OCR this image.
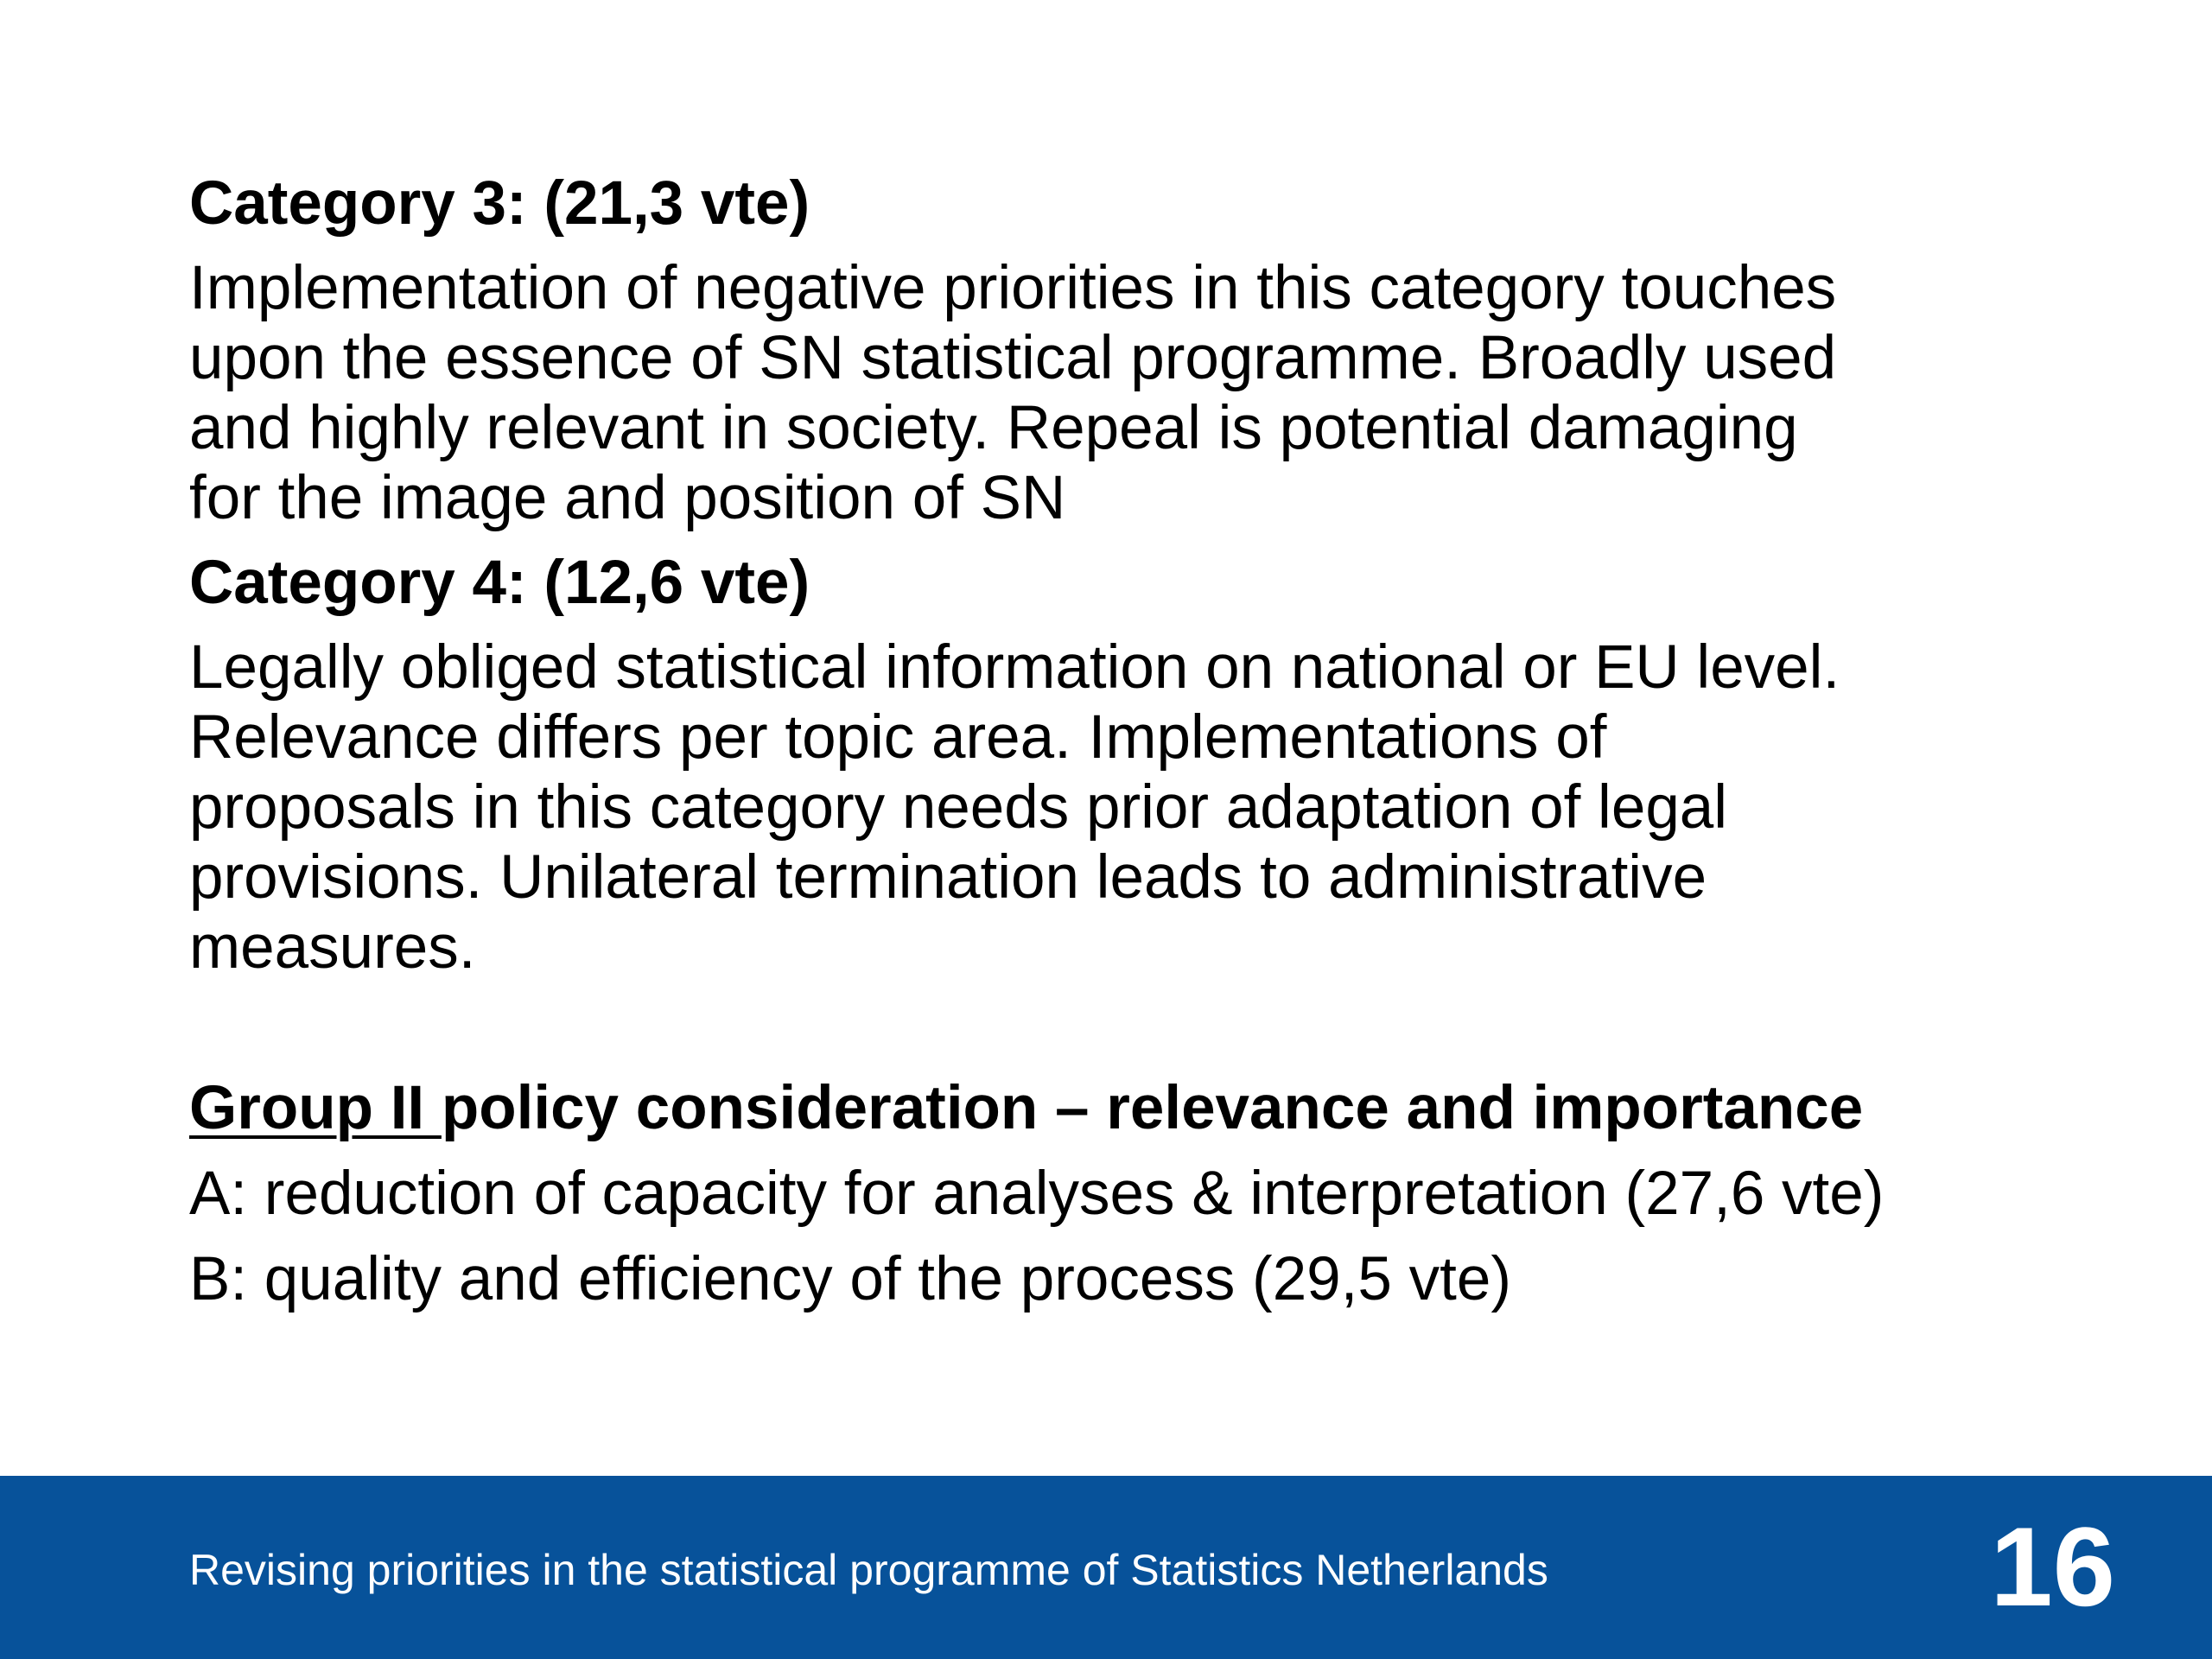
Category 3: (21,3 vte)

Implementation of negative priorities in this category touches
upon the essence of SN statistical programme. Broadly used
and highly relevant in society. Repeal is potential damaging
for the image and position of SN

Category 4: (12,6 vte)

Legally obliged statistical information on national or EU level.
Relevance differs per topic area. Implementations of
proposals in this category needs prior adaptation of legal
provisions. Unilateral termination leads to administrative
measures.

Group II policy consideration – relevance and importance

A: reduction of capacity for analyses & interpretation (27,6 vte)

B: quality and efficiency of the process (29,5 vte)

Revising priorities in the statistical programme of Statistics Netherlands	16
